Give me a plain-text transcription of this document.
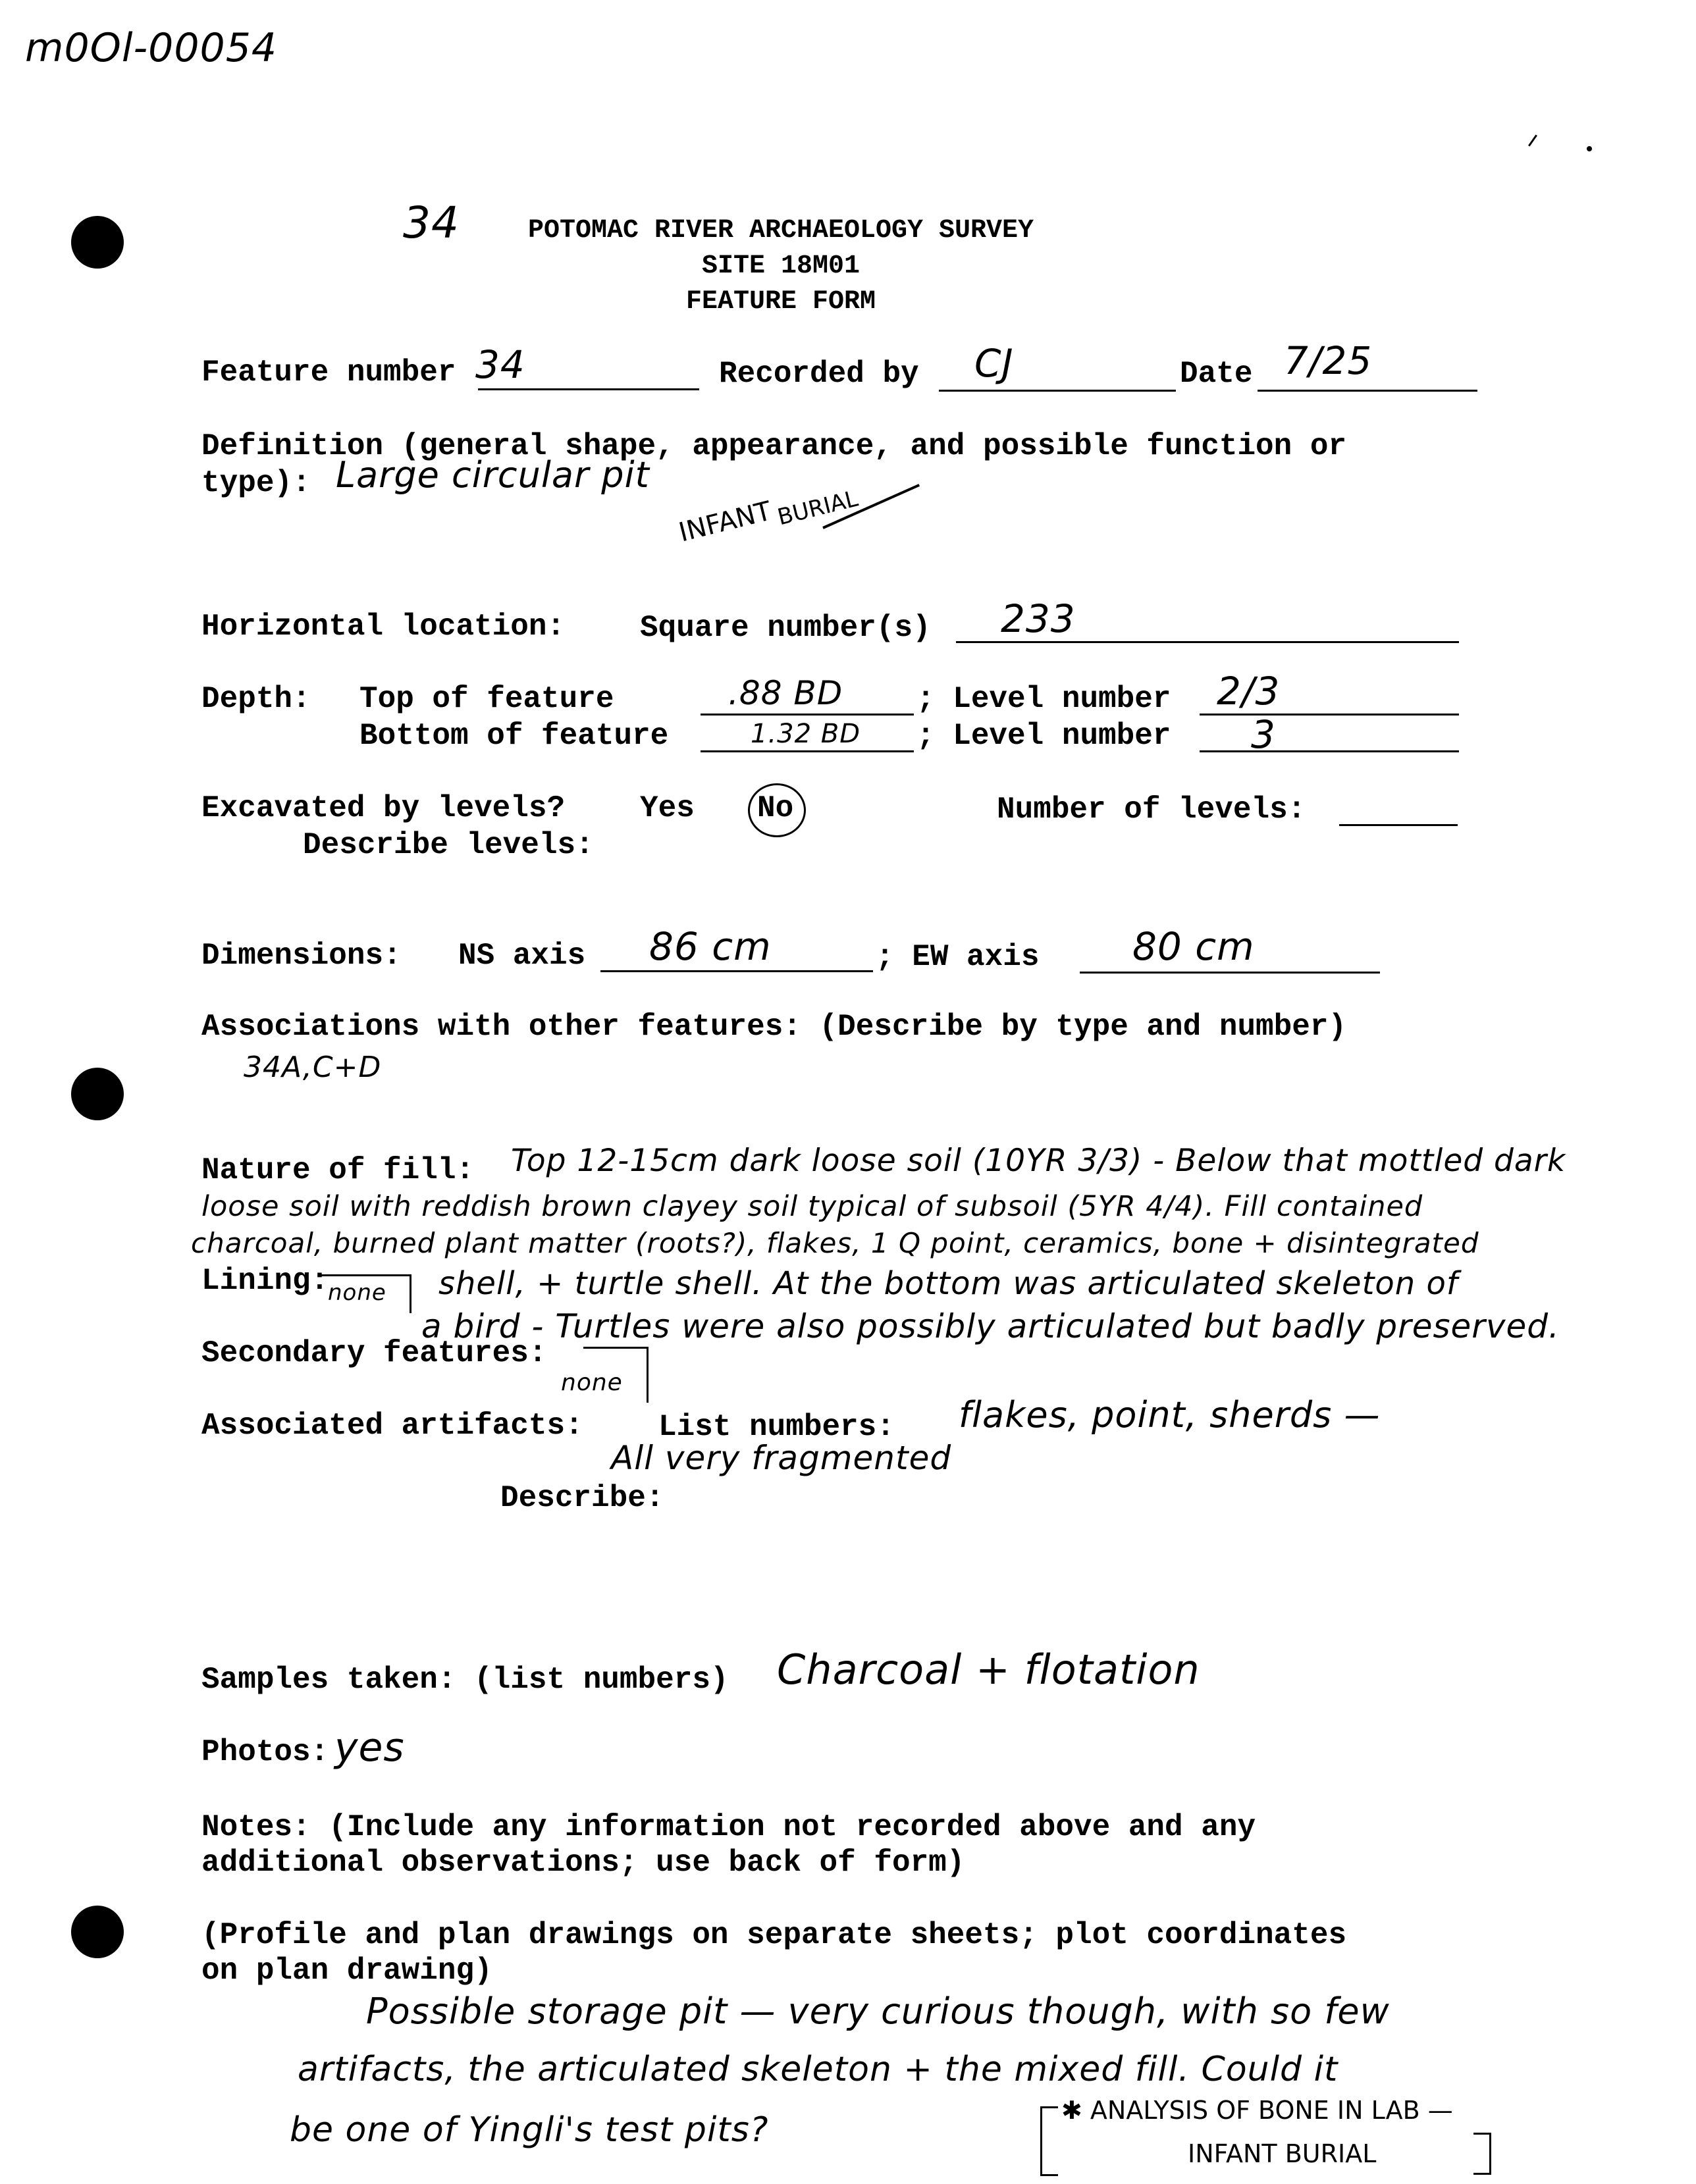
m0Ol-00054
34	POTOMAC RIVER ARCHAEOLOGY SURVEY
SITE 18M01
FEATURE FORM
Feature number 34	Recorded by CJ	Date 7/25
Definition (general shape, appearance, and possible function or
type): Large circular pit
INFANT BURIAL
Horizontal location: Square number(s) 233
Depth: Top of feature	.88 BD ; Level number 2/3
Bottom of feature	1.32 BD ; Level number 3
Excavated by levels? Yes No	Number of levels:
Describe levels:
Dimensions: NS axis 86 cm	; EW axis 80 cm
Associations with other features: (Describe by type and number)
34A,C+D
Nature of fill: Top 12-15cm dark loose soil (10YR 3/3) - Below that mottled dark
loose soil with reddish brown clayey soil typical of subsoil (5YR 4/4). Fill contained
charcoal, burned plant matter (roots?), flakes, 1 Q point, ceramics, bone + disintegrated
shell, + turtle shell. At the bottom was articulated skeleton of
a bird - Turtles were also possibly articulated but badly preserved.
Lining:
none
Secondary features:
none
Associated artifacts: List numbers: flakes, point, sherds —
All very fragmented
Describe:
Samples taken: (list numbers) Charcoal + flotation
Photos: yes
Notes: (Include any information not recorded above and any
additional observations; use back of form)
(Profile and plan drawings on separate sheets; plot coordinates
on plan drawing)
Possible storage pit — very curious though, with so few
artifacts, the articulated skeleton + the mixed fill. Could it
be one of Yingli's test pits?	✱ ANALYSIS OF BONE IN LAB —
INFANT BURIAL
